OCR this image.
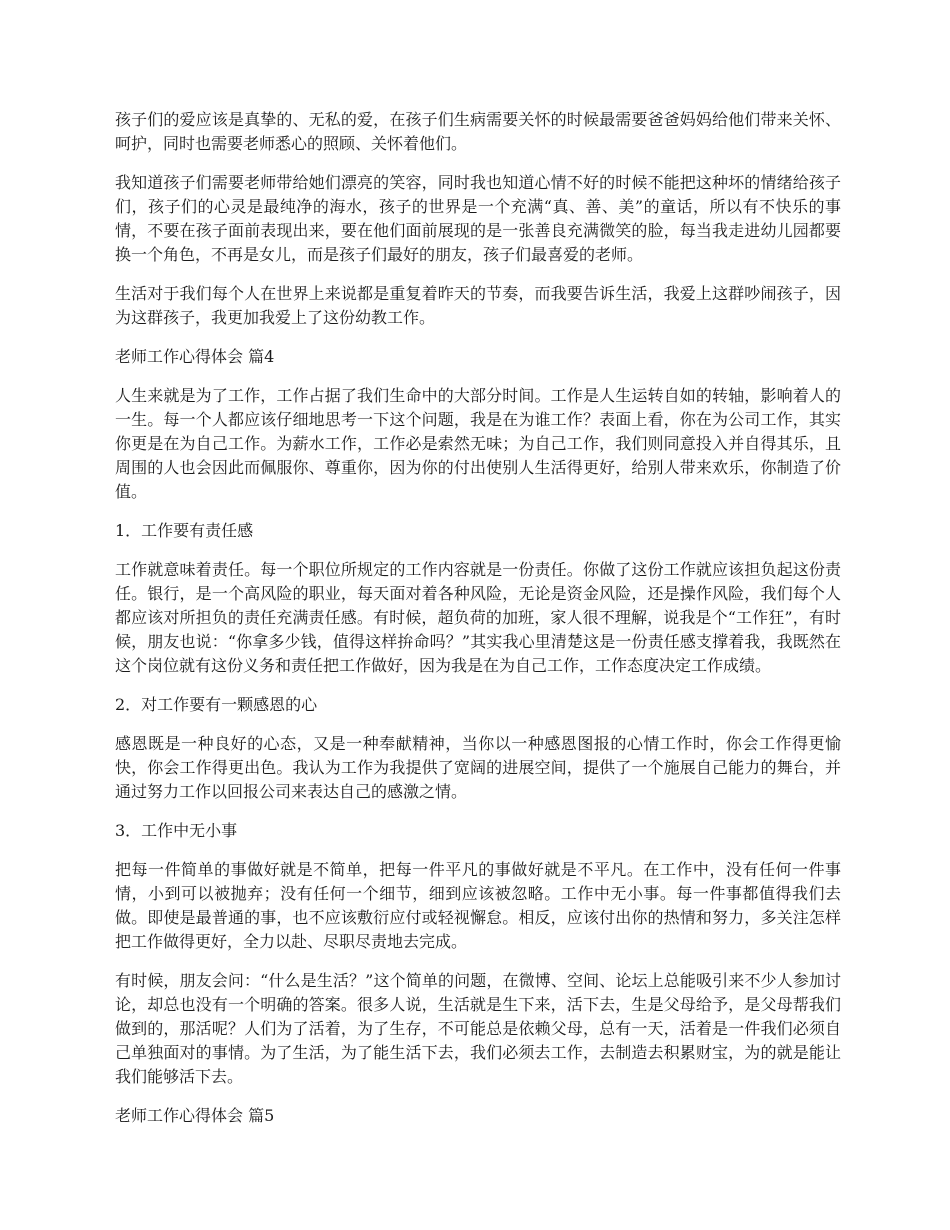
孩子们的爱应该是真挚的、无私的爱，在孩子们生病需要关怀的时候最需要爸爸妈妈给他们带来关怀、呵护，同时也需要老师悉心的照顾、关怀着他们。

我知道孩子们需要老师带给她们漂亮的笑容，同时我也知道心情不好的时候不能把这种坏的情绪给孩子们，孩子们的心灵是最纯净的海水，孩子的世界是一个充满“真、善、美”的童话，所以有不快乐的事情，不要在孩子面前表现出来，要在他们面前展现的是一张善良充满微笑的脸，每当我走进幼儿园都要换一个角色，不再是女儿，而是孩子们最好的朋友，孩子们最喜爱的老师。

生活对于我们每个人在世界上来说都是重复着昨天的节奏，而我要告诉生活，我爱上这群吵闹孩子，因为这群孩子，我更加我爱上了这份幼教工作。

老师工作心得体会 篇4

人生来就是为了工作，工作占据了我们生命中的大部分时间。工作是人生运转自如的转轴，影响着人的一生。每一个人都应该仔细地思考一下这个问题，我是在为谁工作？表面上看，你在为公司工作，其实你更是在为自己工作。为薪水工作，工作必是索然无味；为自己工作，我们则同意投入并自得其乐，且周围的人也会因此而佩服你、尊重你，因为你的付出使别人生活得更好，给别人带来欢乐，你制造了价值。

1．工作要有责任感

工作就意味着责任。每一个职位所规定的工作内容就是一份责任。你做了这份工作就应该担负起这份责任。银行，是一个高风险的职业，每天面对着各种风险，无论是资金风险，还是操作风险，我们每个人都应该对所担负的责任充满责任感。有时候，超负荷的加班，家人很不理解，说我是个“工作狂”，有时候，朋友也说：“你拿多少钱，值得这样拚命吗？”其实我心里清楚这是一份责任感支撑着我，我既然在这个岗位就有这份义务和责任把工作做好，因为我是在为自己工作，工作态度决定工作成绩。

2．对工作要有一颗感恩的心

感恩既是一种良好的心态，又是一种奉献精神，当你以一种感恩图报的心情工作时，你会工作得更愉快，你会工作得更出色。我认为工作为我提供了宽阔的进展空间，提供了一个施展自己能力的舞台，并通过努力工作以回报公司来表达自己的感激之情。

3．工作中无小事

把每一件简单的事做好就是不简单，把每一件平凡的事做好就是不平凡。在工作中，没有任何一件事情，小到可以被抛弃；没有任何一个细节，细到应该被忽略。工作中无小事。每一件事都值得我们去做。即使是最普通的事，也不应该敷衍应付或轻视懈怠。相反，应该付出你的热情和努力，多关注怎样把工作做得更好，全力以赴、尽职尽责地去完成。

有时候，朋友会问：“什么是生活？”这个简单的问题，在微博、空间、论坛上总能吸引来不少人参加讨论，却总也没有一个明确的答案。很多人说，生活就是生下来，活下去，生是父母给予，是父母帮我们做到的，那活呢？人们为了活着，为了生存，不可能总是依赖父母，总有一天，活着是一件我们必须自己单独面对的事情。为了生活，为了能生活下去，我们必须去工作，去制造去积累财宝，为的就是能让我们能够活下去。

老师工作心得体会 篇5
